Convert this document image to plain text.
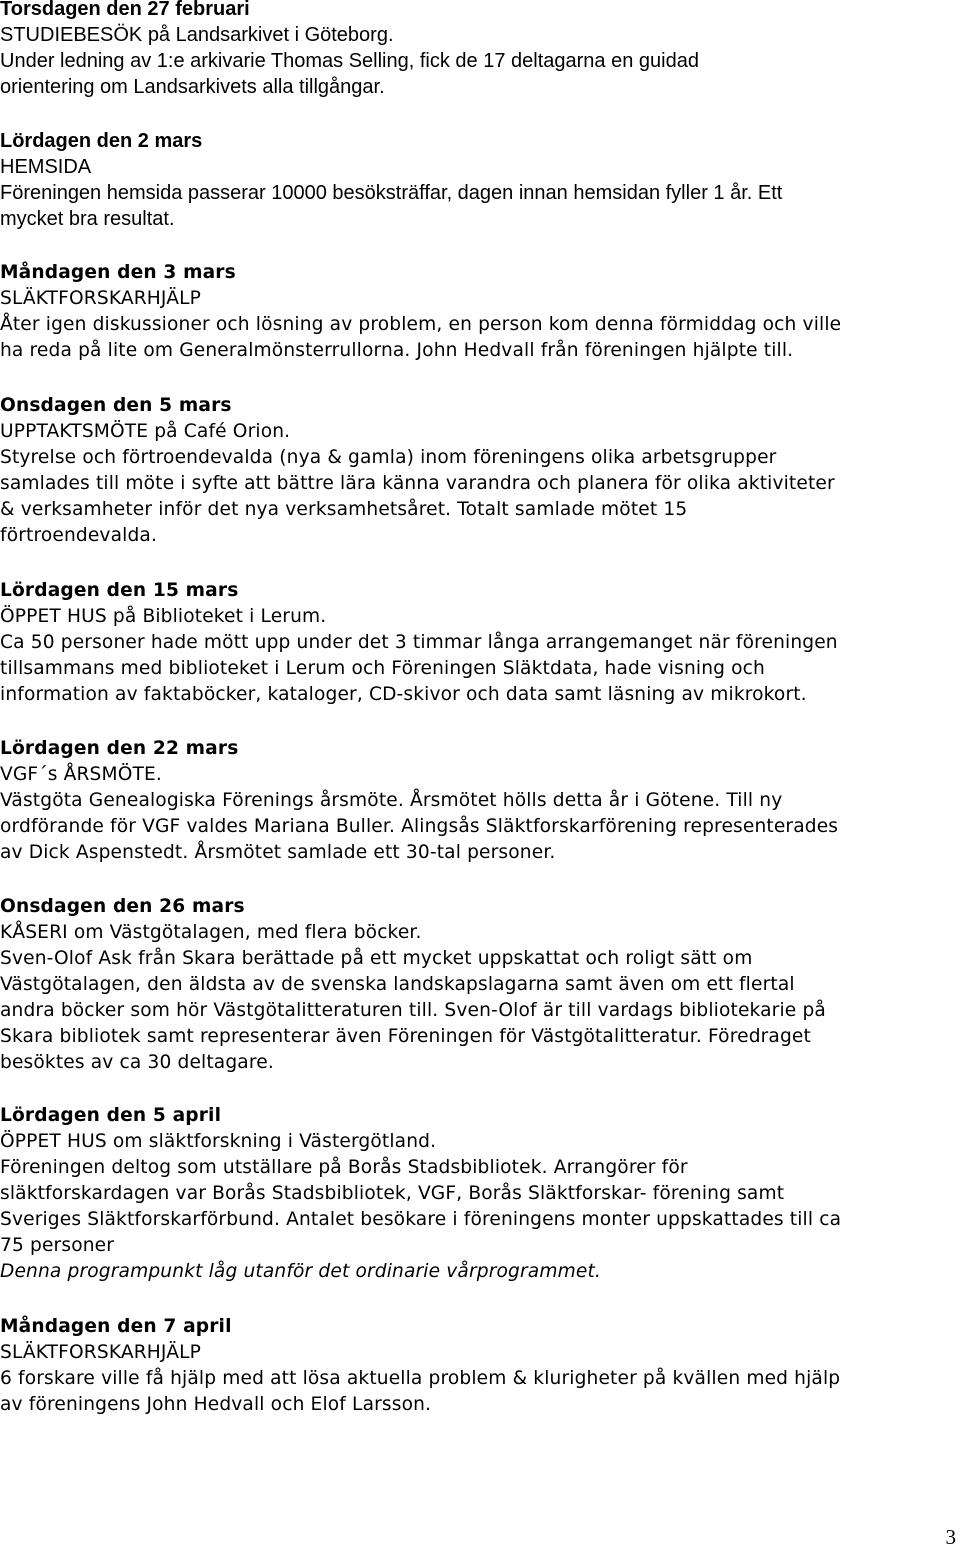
Torsdagen den 27 februari
STUDIEBESÖK på Landsarkivet i Göteborg.
Under ledning av 1:e arkivarie Thomas Selling, fick de 17 deltagarna en guidad
orientering om Landsarkivets alla tillgångar.
Lördagen den 2 mars
HEMSIDA
Föreningen hemsida passerar 10000 besöksträffar, dagen innan hemsidan fyller 1 år. Ett
mycket bra resultat.
Måndagen den 3 mars
SLÄKTFORSKARHJÄLP
Åter igen diskussioner och lösning av problem, en person kom denna förmiddag och ville
ha reda på lite om Generalmönsterrullorna. John Hedvall från föreningen hjälpte till.
Onsdagen den 5 mars
UPPTAKTSMÖTE på Café Orion.
Styrelse och förtroendevalda (nya & gamla) inom föreningens olika arbetsgrupper
samlades till möte i syfte att bättre lära känna varandra och planera för olika aktiviteter
& verksamheter inför det nya verksamhetsåret. Totalt samlade mötet 15
förtroendevalda.
Lördagen den 15 mars
ÖPPET HUS på Biblioteket i Lerum.
Ca 50 personer hade mött upp under det 3 timmar långa arrangemanget när föreningen
tillsammans med biblioteket i Lerum och Föreningen Släktdata, hade visning och
information av faktaböcker, kataloger, CD-skivor och data samt läsning av mikrokort.
Lördagen den 22 mars
VGF´s ÅRSMÖTE.
Västgöta Genealogiska Förenings årsmöte. Årsmötet hölls detta år i Götene. Till ny
ordförande för VGF valdes Mariana Buller. Alingsås Släktforskarförening representerades
av Dick Aspenstedt. Årsmötet samlade ett 30-tal personer.
Onsdagen den 26 mars
KÅSERI om Västgötalagen, med flera böcker.
Sven-Olof Ask från Skara berättade på ett mycket uppskattat och roligt sätt om
Västgötalagen, den äldsta av de svenska landskapslagarna samt även om ett flertal
andra böcker som hör Västgötalitteraturen till. Sven-Olof är till vardags bibliotekarie på
Skara bibliotek samt representerar även Föreningen för Västgötalitteratur. Föredraget
besöktes av ca 30 deltagare.
Lördagen den 5 april
ÖPPET HUS om släktforskning i Västergötland.
Föreningen deltog som utställare på Borås Stadsbibliotek. Arrangörer för
släktforskardagen var Borås Stadsbibliotek, VGF, Borås Släktforskar- förening samt
Sveriges Släktforskarförbund. Antalet besökare i föreningens monter uppskattades till ca
75 personer
Denna programpunkt låg utanför det ordinarie vårprogrammet.
Måndagen den 7 april
SLÄKTFORSKARHJÄLP
6 forskare ville få hjälp med att lösa aktuella problem & klurigheter på kvällen med hjälp
av föreningens John Hedvall och Elof Larsson.
3
